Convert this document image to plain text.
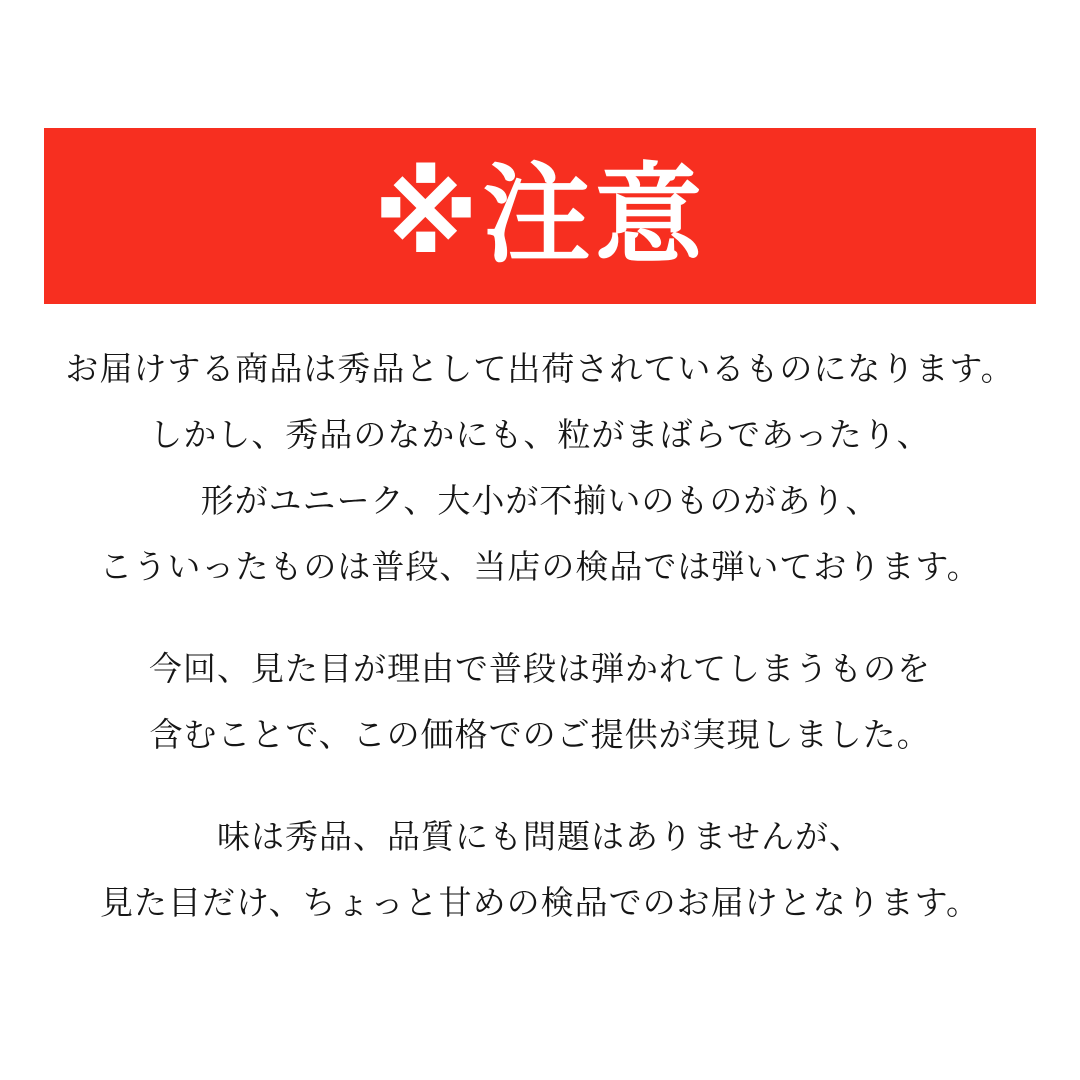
※注意

お届けする商品は秀品として出荷されているものになります。
しかし、秀品のなかにも、粒がまばらであったり、
形がユニーク、大小が不揃いのものがあり、
こういったものは普段、当店の検品では弾いております。

今回、見た目が理由で普段は弾かれてしまうものを
含むことで、この価格でのご提供が実現しました。

味は秀品、品質にも問題はありませんが、
見た目だけ、ちょっと甘めの検品でのお届けとなります。
